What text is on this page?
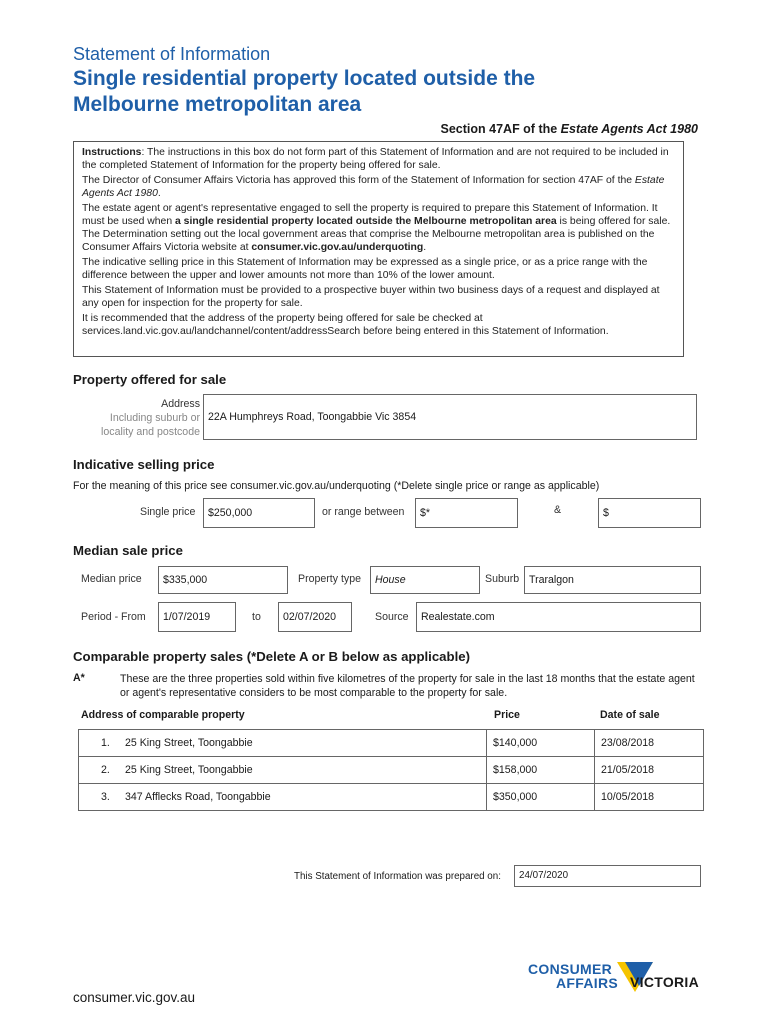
Statement of Information
Single residential property located outside the
Melbourne metropolitan area
Section 47AF of the Estate Agents Act 1980

Instructions: The instructions in this box do not form part of this Statement of Information and are not required to be included in the completed Statement of Information for the property being offered for sale.

The Director of Consumer Affairs Victoria has approved this form of the Statement of Information for section 47AF of the Estate Agents Act 1980.

The estate agent or agent's representative engaged to sell the property is required to prepare this Statement of Information. It must be used when a single residential property located outside the Melbourne metropolitan area is being offered for sale. The Determination setting out the local government areas that comprise the Melbourne metropolitan area is published on the Consumer Affairs Victoria website at consumer.vic.gov.au/underquoting.

The indicative selling price in this Statement of Information may be expressed as a single price, or as a price range with the difference between the upper and lower amounts not more than 10% of the lower amount.

This Statement of Information must be provided to a prospective buyer within two business days of a request and displayed at any open for inspection for the property for sale.

It is recommended that the address of the property being offered for sale be checked at services.land.vic.gov.au/landchannel/content/addressSearch before being entered in this Statement of Information.

Property offered for sale
Address
Including suburb or
locality and postcode
22A Humphreys Road, Toongabbie Vic 3854
Indicative selling price
For the meaning of this price see consumer.vic.gov.au/underquoting (*Delete single price or range as applicable)
Single price	$250,000	or range between	$*	&	$
Median sale price
Median price	$335,000	Property type	House	Suburb Traralgon
Period - From	1/07/2019	to	02/07/2020	Source	Realestate.com
Comparable property sales (*Delete A or B below as applicable)
A*	These are the three properties sold within five kilometres of the property for sale in the last 18 months that the estate agent or agent's representative considers to be most comparable to the property for sale.
Address of comparable property	Price	Date of sale
1. 25 King Street, Toongabbie	$140,000	23/08/2018
2. 25 King Street, Toongabbie	$158,000	21/05/2018
3. 347 Afflecks Road, Toongabbie	$350,000	10/05/2018
This Statement of Information was prepared on:	24/07/2020
CONSUMER
AFFAIRS VICTORIA
consumer.vic.gov.au
